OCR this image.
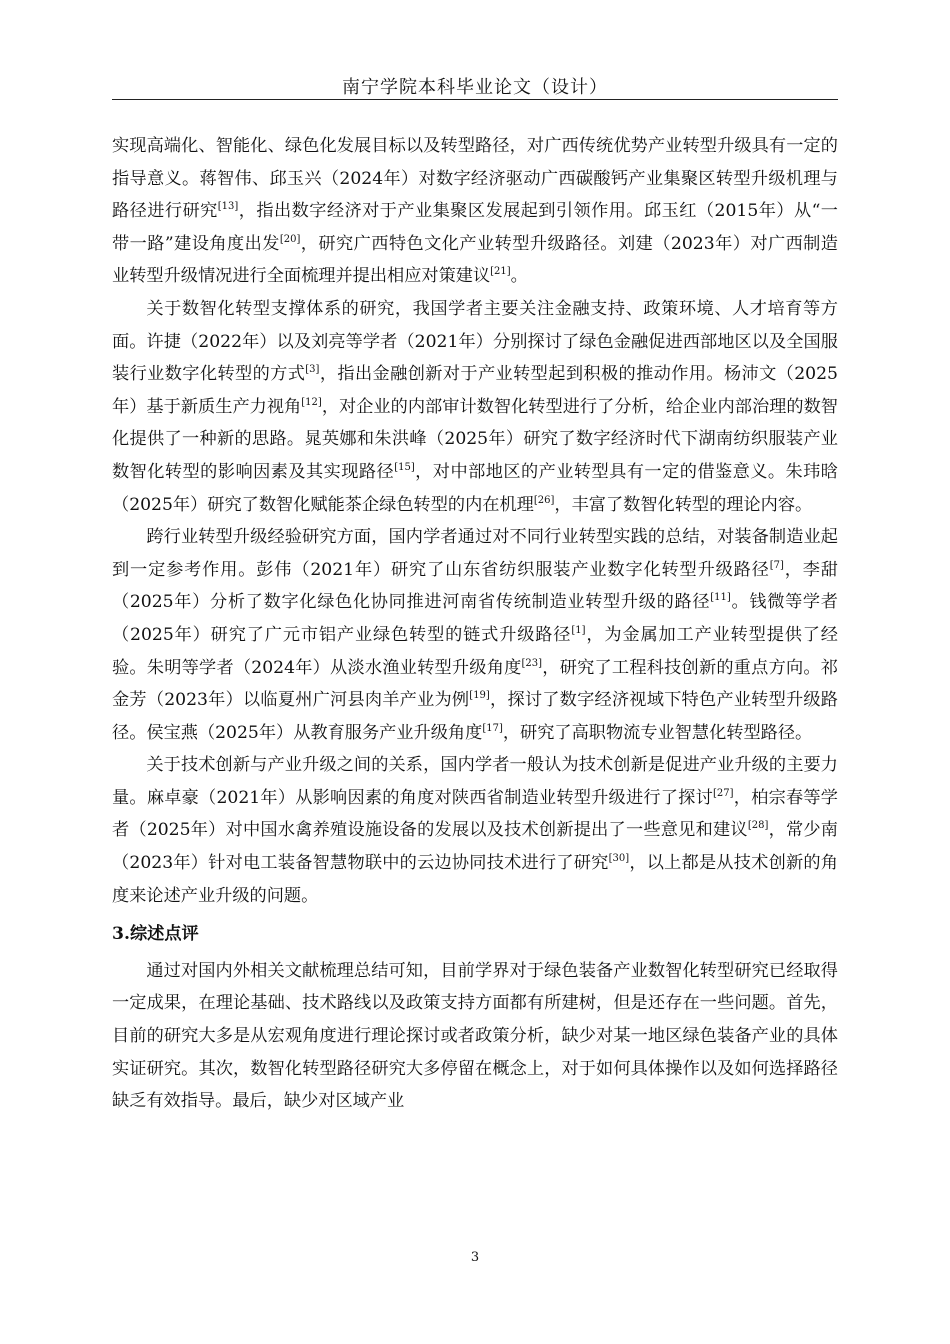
南宁学院本科毕业论文（设计）

实现高端化、智能化、绿色化发展目标以及转型路径，对广西传统优势产业转型升级具有一定的指导意义。蒋智伟、邱玉兴（2024年）对数字经济驱动广西碳酸钙产业集聚区转型升级机理与路径进行研究[13]，指出数字经济对于产业集聚区发展起到引领作用。邱玉红（2015年）从“一带一路”建设角度出发[20]，研究广西特色文化产业转型升级路径。刘建（2023年）对广西制造业转型升级情况进行全面梳理并提出相应对策建议[21]。

关于数智化转型支撑体系的研究，我国学者主要关注金融支持、政策环境、人才培育等方面。许捷（2022年）以及刘亮等学者（2021年）分别探讨了绿色金融促进西部地区以及全国服装行业数字化转型的方式[3]，指出金融创新对于产业转型起到积极的推动作用。杨沛文（2025年）基于新质生产力视角[12]，对企业的内部审计数智化转型进行了分析，给企业内部治理的数智化提供了一种新的思路。晁英娜和朱洪峰（2025年）研究了数字经济时代下湖南纺织服装产业数智化转型的影响因素及其实现路径[15]，对中部地区的产业转型具有一定的借鉴意义。朱玮晗（2025年）研究了数智化赋能茶企绿色转型的内在机理[26]，丰富了数智化转型的理论内容。

跨行业转型升级经验研究方面，国内学者通过对不同行业转型实践的总结，对装备制造业起到一定参考作用。彭伟（2021年）研究了山东省纺织服装产业数字化转型升级路径[7]，李甜（2025年）分析了数字化绿色化协同推进河南省传统制造业转型升级的路径[11]。钱微等学者（2025年）研究了广元市铝产业绿色转型的链式升级路径[1]，为金属加工产业转型提供了经验。朱明等学者（2024年）从淡水渔业转型升级角度[23]，研究了工程科技创新的重点方向。祁金芳（2023年）以临夏州广河县肉羊产业为例[19]，探讨了数字经济视域下特色产业转型升级路径。侯宝燕（2025年）从教育服务产业升级角度[17]，研究了高职物流专业智慧化转型路径。

关于技术创新与产业升级之间的关系，国内学者一般认为技术创新是促进产业升级的主要力量。麻卓豪（2021年）从影响因素的角度对陕西省制造业转型升级进行了探讨[27]，柏宗春等学者（2025年）对中国水禽养殖设施设备的发展以及技术创新提出了一些意见和建议[28]，常少南（2023年）针对电工装备智慧物联中的云边协同技术进行了研究[30]，以上都是从技术创新的角度来论述产业升级的问题。

3.综述点评

通过对国内外相关文献梳理总结可知，目前学界对于绿色装备产业数智化转型研究已经取得一定成果，在理论基础、技术路线以及政策支持方面都有所建树，但是还存在一些问题。首先，目前的研究大多是从宏观角度进行理论探讨或者政策分析，缺少对某一地区绿色装备产业的具体实证研究。其次，数智化转型路径研究大多停留在概念上，对于如何具体操作以及如何选择路径缺乏有效指导。最后，缺少对区域产业

3
